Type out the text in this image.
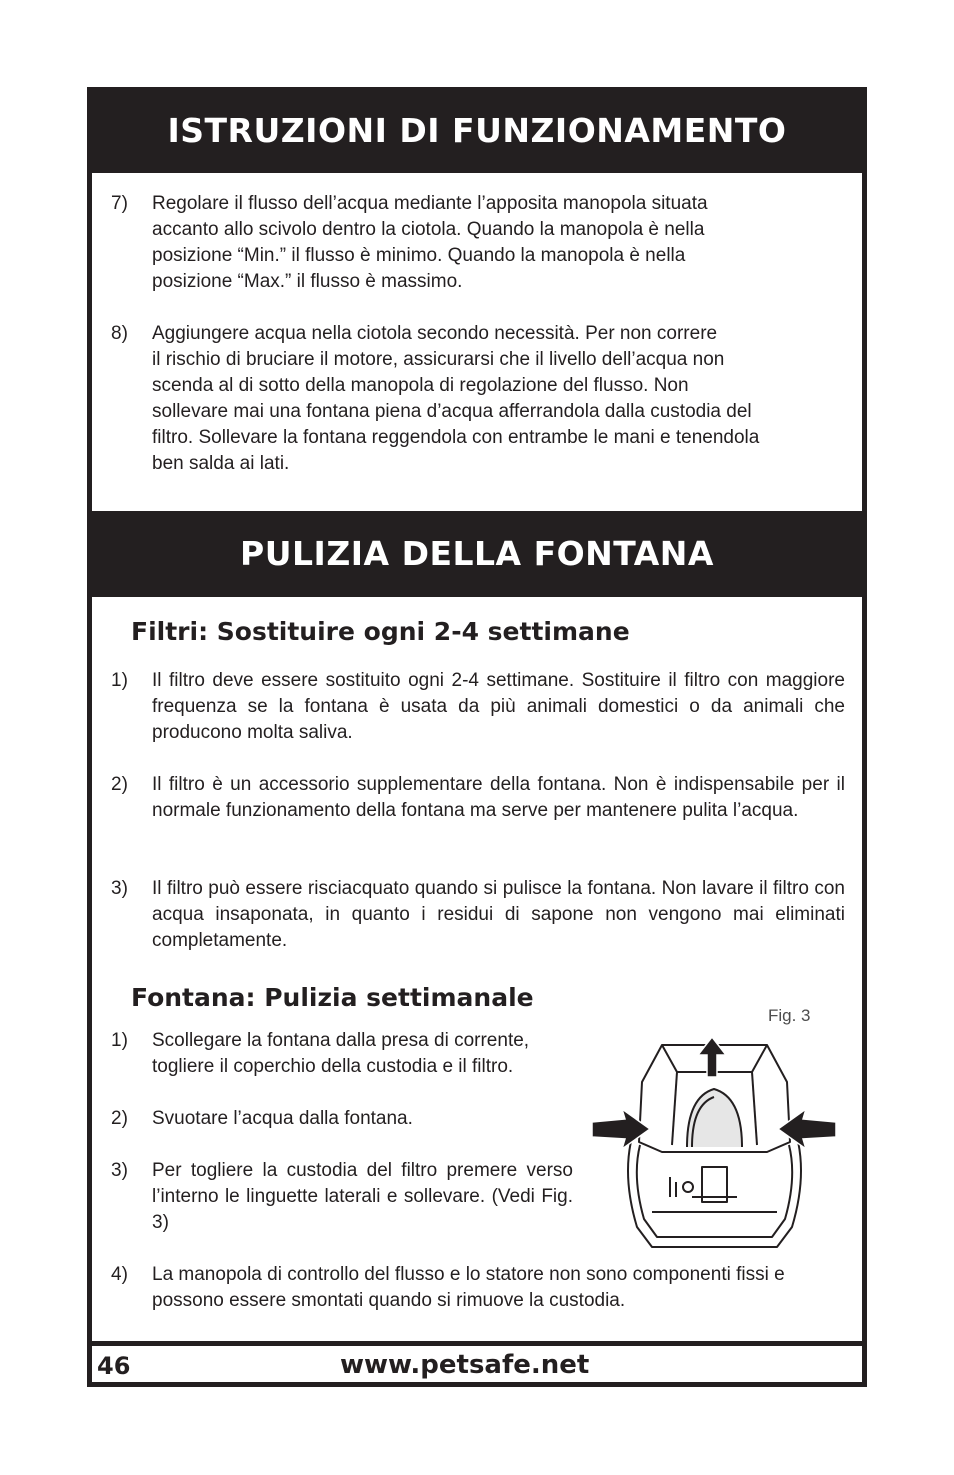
ISTRUZIONI DI FUNZIONAMENTO
7) Regolare il flusso dell’acqua mediante l’apposita manopola situata
accanto allo scivolo dentro la ciotola. Quando la manopola è nella
posizione “Min.” il flusso è minimo. Quando la manopola è nella
posizione “Max.” il flusso è massimo.
8) Aggiungere acqua nella ciotola secondo necessità. Per non correre
il rischio di bruciare il motore, assicurarsi che il livello dell’acqua non
scenda al di sotto della manopola di regolazione del flusso. Non
sollevare mai una fontana piena d’acqua afferrandola dalla custodia del
filtro. Sollevare la fontana reggendola con entrambe le mani e tenendola
ben salda ai lati.
PULIZIA DELLA FONTANA
Filtri: Sostituire ogni 2-4 settimane
1) Il filtro deve essere sostituito ogni 2-4 settimane. Sostituire il filtro con maggiore frequenza se la fontana è usata da più animali domestici o da animali che producono molta saliva.
2) Il filtro è un accessorio supplementare della fontana. Non è indispensabile per il normale funzionamento della fontana ma serve per mantenere pulita l’acqua.
3) Il filtro può essere risciacquato quando si pulisce la fontana. Non lavare il filtro con acqua insaponata, in quanto i residui di sapone non vengono mai eliminati completamente.
Fontana: Pulizia settimanale
1) Scollegare la fontana dalla presa di corrente, togliere il coperchio della custodia e il filtro.
2) Svuotare l’acqua dalla fontana.
3) Per togliere la custodia del filtro premere verso l’interno le linguette laterali e sollevare. (Vedi Fig. 3)
Fig. 3
4) La manopola di controllo del flusso e lo statore non sono componenti fissi e possono essere smontati quando si rimuove la custodia.
46	www.petsafe.net
